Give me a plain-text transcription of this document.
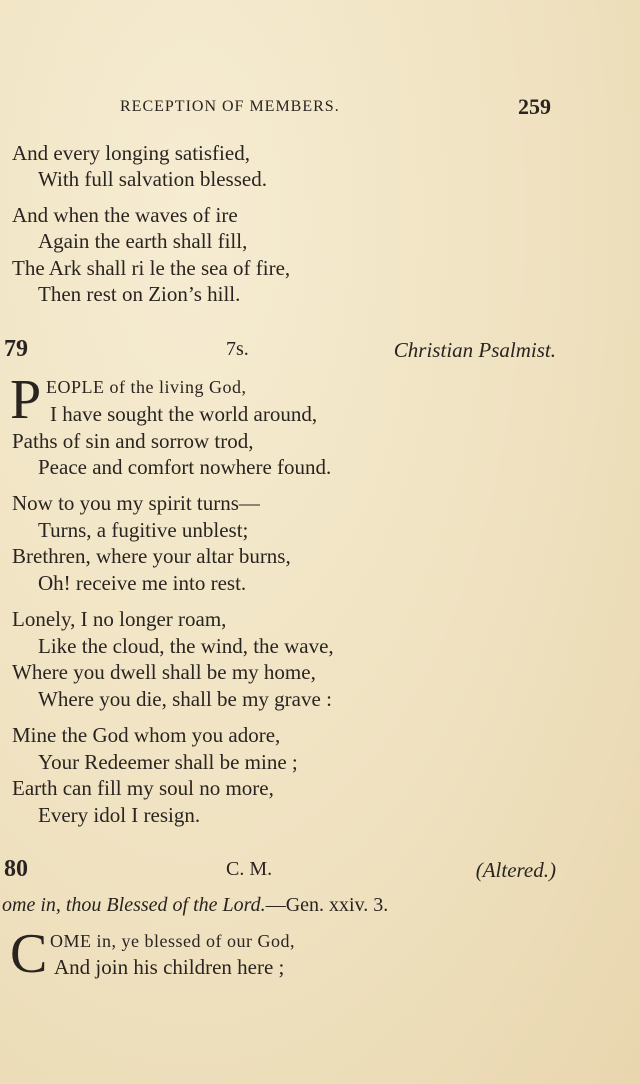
RECEPTION OF MEMBERS.	259
And every longing satisfied,
With full salvation blessed.
And when the waves of ire
Again the earth shall fill,
The Ark shall ri le the sea of fire,
Then rest on Zion’s hill.
79	7s.	Christian Psalmist.
P EOPLE of the living God,
I have sought the world around,
Paths of sin and sorrow trod,
Peace and comfort nowhere found.
Now to you my spirit turns—
Turns, a fugitive unblest;
Brethren, where your altar burns,
Oh! receive me into rest.
Lonely, I no longer roam,
Like the cloud, the wind, the wave,
Where you dwell shall be my home,
Where you die, shall be my grave :
Mine the God whom you adore,
Your Redeemer shall be mine ;
Earth can fill my soul no more,
Every idol I resign.
80	C. M.	(Altered.)
ome in, thou Blessed of the Lord.—Gen. xxiv. 3.
C OME in, ye blessed of our God,
And join his children here ;
